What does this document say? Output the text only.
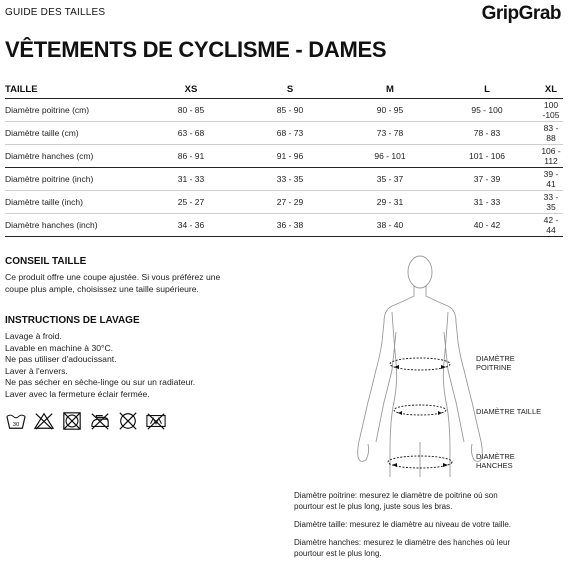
GUIDE DES TAILLES	GripGrab
VÊTEMENTS DE CYCLISME - DAMES
TAILLE	XS	S	M	L	XL
Diamètre poitrine (cm)	80 - 85	85 - 90	90 - 95	95 - 100	100 -105
Diamètre taille (cm)	63 - 68	68 - 73	73 - 78	78 - 83	83 - 88
Diamètre hanches (cm)	86 - 91	91 - 96	96 - 101	101 - 106	106 - 112
Diamètre poitrine (inch)	31 - 33	33 - 35	35 - 37	37 - 39	39 - 41
Diamètre taille (inch)	25 - 27	27 - 29	29 - 31	31 - 33	33 - 35
Diamètre hanches (inch)	34 - 36	36 - 38	38 - 40	40 - 42	42 - 44
CONSEIL TAILLE
Ce produit offre une coupe ajustée. Si vous préférez une
coupe plus ample, choisissez une taille supérieure.
INSTRUCTIONS DE LAVAGE
Lavage à froid.
Lavable en machine à 30°C.
Ne pas utiliser d'adoucissant.
Laver à l'envers.
Ne pas sécher en sèche-linge ou sur un radiateur.
Laver avec la fermeture éclair fermée.
30
DIAMÈTRE
POITRINE
DIAMÈTRE TAILLE
DIAMÈTRE
HANCHES
Diamètre poitrine: mesurez le diamètre de poitrine où son
pourtour est le plus long, juste sous les bras.
Diamètre taille: mesurez le diamètre au niveau de votre taille.
Diamètre hanches: mesurez le diamètre des hanches où leur
pourtour est le plus long.
